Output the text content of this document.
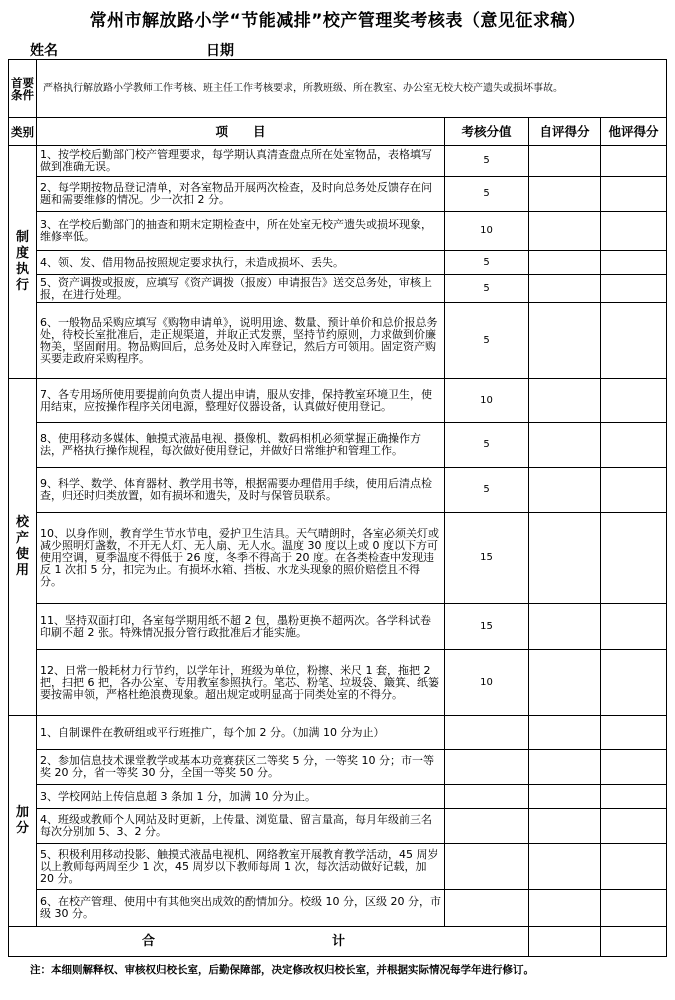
常州市解放路小学“节能减排”校产管理奖考核表（意见征求稿）
姓名	日期
首要条件	严格执行解放路小学教师工作考核、班主任工作考核要求，所教班级、所在教室、办公室无校大校产遗失或损坏事故。			
类别	项　　目	考核分值	自评得分	他评得分
制度执行	1、按学校后勤部门校产管理要求，每学期认真清查盘点所在处室物品，表格填写做到准确无误。	5		
	2、每学期按物品登记清单，对各室物品开展两次检查，及时向总务处反馈存在问题和需要维修的情况。少一次扣 2 分。	5		
	3、在学校后勤部门的抽查和期末定期检查中，所在处室无校产遗失或损坏现象，维修率低。	10		
	4、领、发、借用物品按照规定要求执行，未造成损坏、丢失。	5		
	5、资产调拨或报废，应填写《资产调拨（报废）申请报告》送交总务处，审核上报，在进行处理。	5		
	6、一般物品采购应填写《购物申请单》，说明用途、数量、预计单价和总价报总务处，待校长室批准后，走正规渠道，并取正式发票，坚持节约原则，力求做到价廉物美，坚固耐用。物品购回后，总务处及时入库登记，然后方可领用。固定资产购买要走政府采购程序。	5		
校产使用	7、各专用场所使用要提前向负责人提出申请，服从安排，保持教室环境卫生，使用结束，应按操作程序关闭电源，整理好仪器设备，认真做好使用登记。	10		
	8、使用移动多媒体、触摸式液晶电视、摄像机、数码相机必须掌握正确操作方法，严格执行操作规程，每次做好使用登记，并做好日常维护和管理工作。	5		
	9、科学、数学、体育器材、教学用书等，根据需要办理借用手续，使用后清点检查，归还时归类放置，如有损坏和遗失，及时与保管员联系。	5		
	10、以身作则，教育学生节水节电，爱护卫生洁具。天气晴朗时，各室必须关灯或减少照明灯盏数，不开无人灯、无人扇、无人水。温度 30 度以上或 0 度以下方可使用空调，夏季温度不得低于 26 度，冬季不得高于 20 度。在各类检查中发现违反 1 次扣 5 分，扣完为止。有损坏水箱、挡板、水龙头现象的照价赔偿且不得分。	15		
	11、坚持双面打印，各室每学期用纸不超 2 包，墨粉更换不超两次。各学科试卷印刷不超 2 张。特殊情况报分管行政批准后才能实施。	15		
	12、日常一般耗材力行节约，以学年计，班级为单位，粉擦、米尺 1 套，拖把 2 把，扫把 6 把，各办公室、专用教室参照执行。笔芯、粉笔、垃圾袋、簸箕、纸篓要按需申领，严格杜绝浪费现象。超出规定或明显高于同类处室的不得分。	10		
加分	1、自制课件在教研组或平行班推广，每个加 2 分。（加满 10 分为止）			
	2、参加信息技术课堂教学或基本功竞赛获区二等奖 5 分，一等奖 10 分；市一等奖 20 分，省一等奖 30 分，全国一等奖 50 分。			
	3、学校网站上传信息超 3 条加 1 分，加满 10 分为止。			
	4、班级或教师个人网站及时更新，上传量、浏览量、留言量高，每月年级前三名每次分别加 5、3、2 分。			
	5、积极利用移动投影、触摸式液晶电视机、网络教室开展教育教学活动，45 周岁以上教师每两周至少 1 次，45 周岁以下教师每周 1 次，每次活动做好记载，加 20 分。			
	6、在校产管理、使用中有其他突出成效的酌情加分。校级 10 分，区级 20 分，市级 30 分。			
合 计				
注：本细则解释权、审核权归校长室，后勤保障部，决定修改权归校长室，并根据实际情况每学年进行修订。
